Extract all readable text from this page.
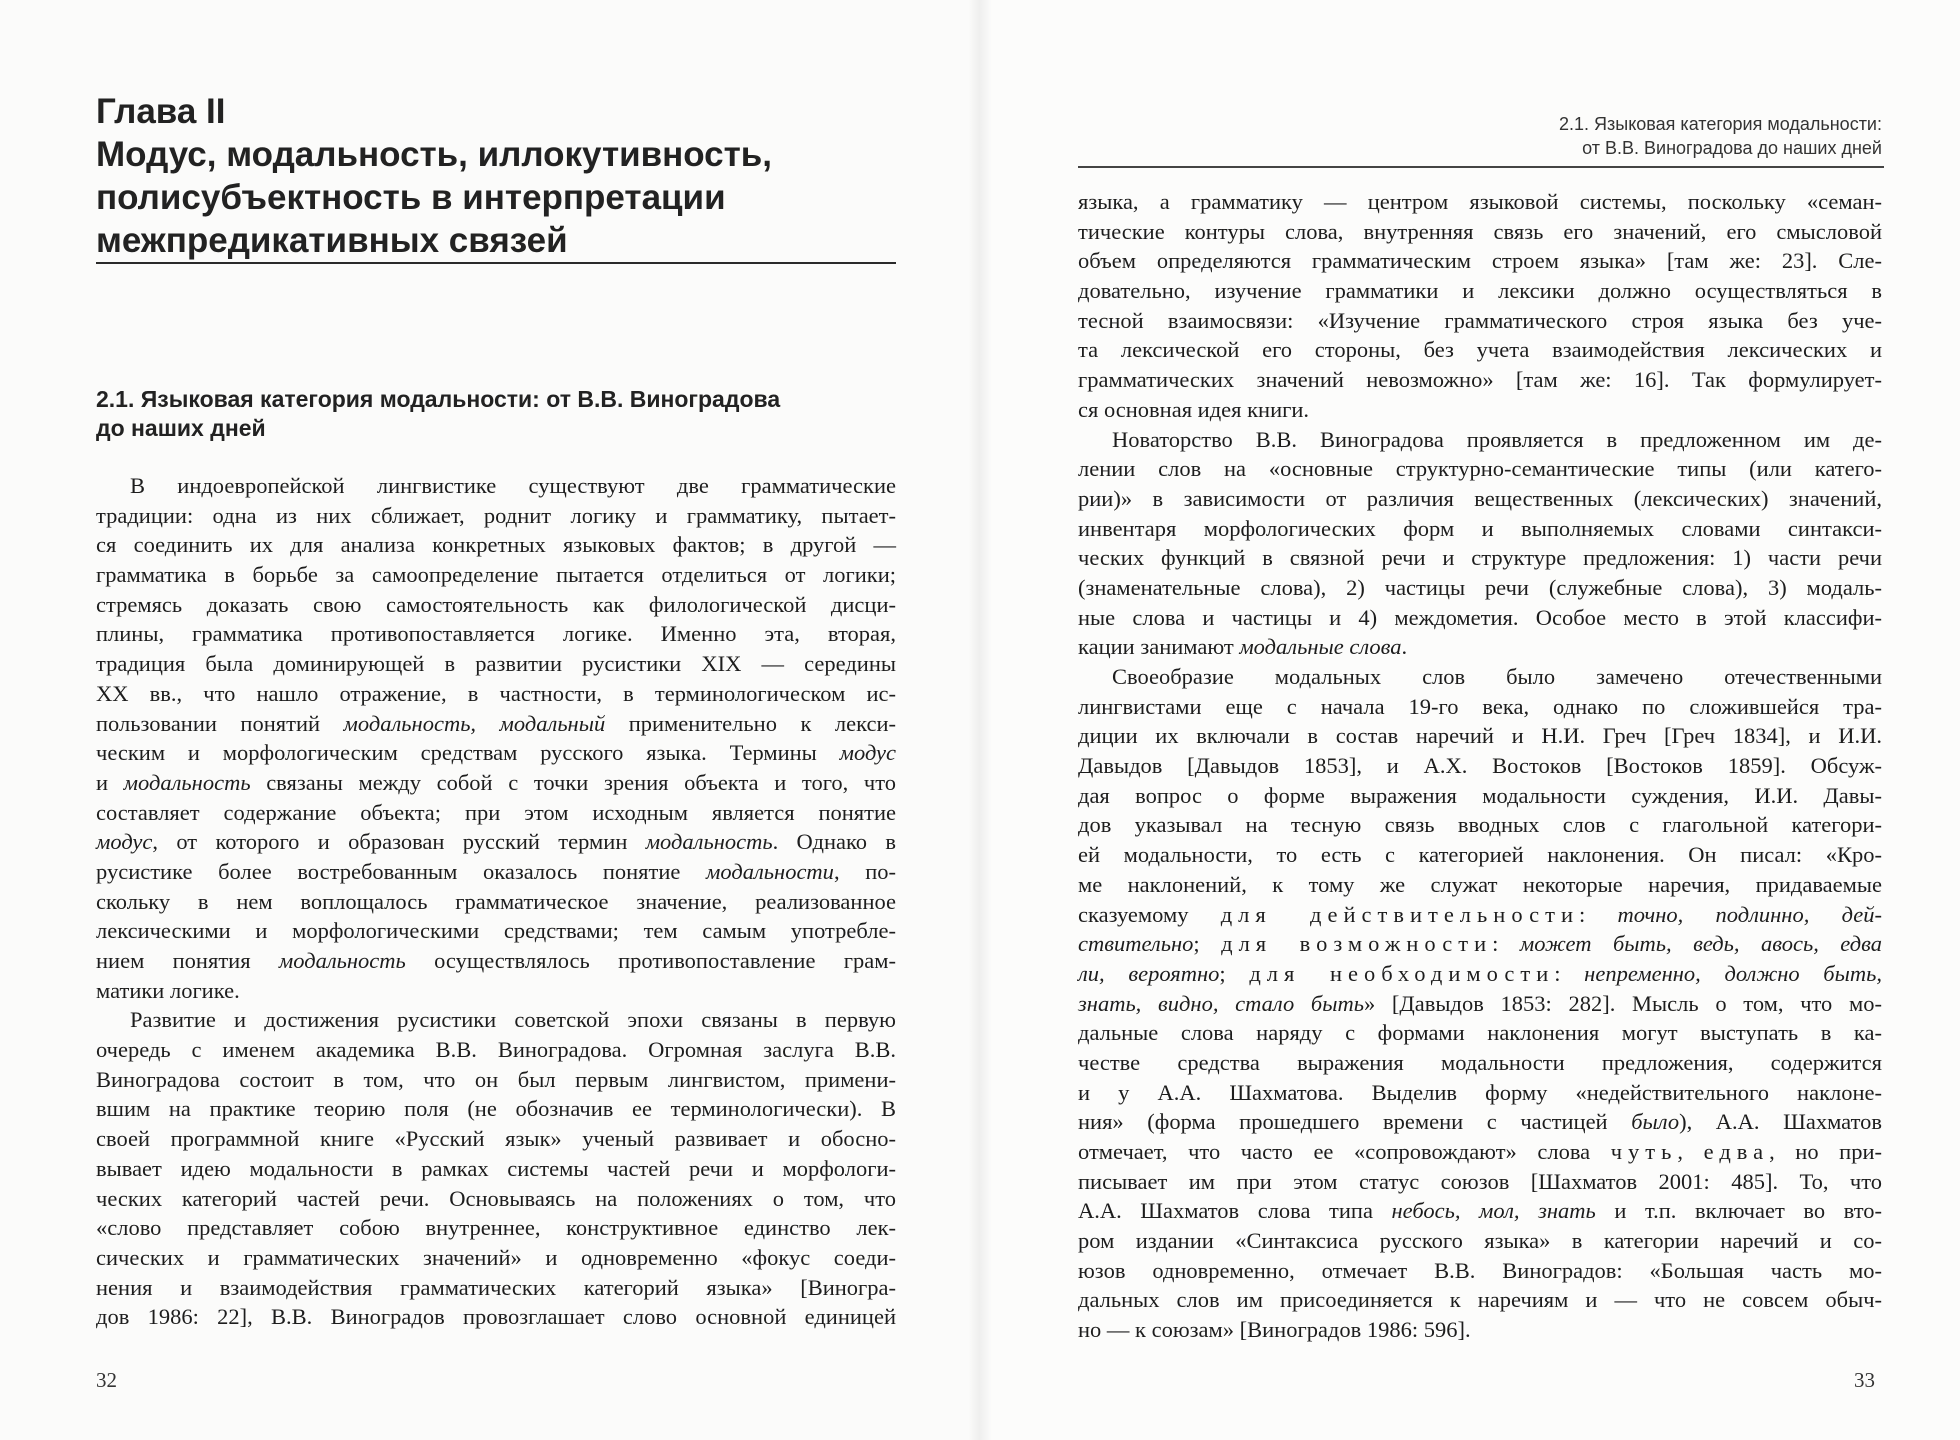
Глава II
Модус, модальность, иллокутивность,
полисубъектность в интерпретации
межпредикативных связей
2.1. Языковая категория модальности: от В.В. Виноградова
до наших дней
В индоевропейской лингвистике существуют две грамматические
традиции: одна из них сближает, роднит логику и грамматику, пытает-
ся соединить их для анализа конкретных языковых фактов; в другой —
грамматика в борьбе за самоопределение пытается отделиться от логики;
стремясь доказать свою самостоятельность как филологической дисци-
плины, грамматика противопоставляется логике. Именно эта, вторая,
традиция была доминирующей в развитии русистики XIX — середины
XX вв., что нашло отражение, в частности, в терминологическом ис-
пользовании понятий модальность, модальный применительно к лекси-
ческим и морфологическим средствам русского языка. Термины модус
и модальность связаны между собой с точки зрения объекта и того, что
составляет содержание объекта; при этом исходным является понятие
модус, от которого и образован русский термин модальность. Однако в
русистике более востребованным оказалось понятие модальности, по-
скольку в нем воплощалось грамматическое значение, реализованное
лексическими и морфологическими средствами; тем самым употребле-
нием понятия модальность осуществлялось противопоставление грам-
матики логике.
Развитие и достижения русистики советской эпохи связаны в первую
очередь с именем академика В.В. Виноградова. Огромная заслуга В.В.
Виноградова состоит в том, что он был первым лингвистом, примени-
вшим на практике теорию поля (не обозначив ее терминологически). В
своей программной книге «Русский язык» ученый развивает и обосно-
вывает идею модальности в рамках системы частей речи и морфологи-
ческих категорий частей речи. Основываясь на положениях о том, что
«слово представляет собою внутреннее, конструктивное единство лек-
сических и грамматических значений» и одновременно «фокус соеди-
нения и взаимодействия грамматических категорий языка» [Виногра-
дов 1986: 22], В.В. Виноградов провозглашает слово основной единицей
32
2.1. Языковая категория модальности:
от В.В. Виноградова до наших дней
языка, а грамматику — центром языковой системы, поскольку «семан-
тические контуры слова, внутренняя связь его значений, его смысловой
объем определяются грамматическим строем языка» [там же: 23]. Сле-
довательно, изучение грамматики и лексики должно осуществляться в
тесной взаимосвязи: «Изучение грамматического строя языка без уче-
та лексической его стороны, без учета взаимодействия лексических и
грамматических значений невозможно» [там же: 16]. Так формулирует-
ся основная идея книги.
Новаторство В.В. Виноградова проявляется в предложенном им де-
лении слов на «основные структурно-семантические типы (или катего-
рии)» в зависимости от различия вещественных (лексических) значений,
инвентаря морфологических форм и выполняемых словами синтакси-
ческих функций в связной речи и структуре предложения: 1) части речи
(знаменательные слова), 2) частицы речи (служебные слова), 3) модаль-
ные слова и частицы и 4) междометия. Особое место в этой классифи-
кации занимают модальные слова.
Своеобразие модальных слов было замечено отечественными
лингвистами еще с начала 19-го века, однако по сложившейся тра-
диции их включали в состав наречий и Н.И. Греч [Греч 1834], и И.И.
Давыдов [Давыдов 1853], и А.Х. Востоков [Востоков 1859]. Обсуж-
дая вопрос о форме выражения модальности суждения, И.И. Давы-
дов указывал на тесную связь вводных слов с глагольной категори-
ей модальности, то есть с категорией наклонения. Он писал: «Кро-
ме наклонений, к тому же служат некоторые наречия, придаваемые
сказуемому для действительности: точно, подлинно, дей-
ствительно; для возможности: может быть, ведь, авось, едва
ли, вероятно; для необходимости: непременно, должно быть,
знать, видно, стало быть» [Давыдов 1853: 282]. Мысль о том, что мо-
дальные слова наряду с формами наклонения могут выступать в ка-
честве средства выражения модальности предложения, содержится
и у А.А. Шахматова. Выделив форму «недействительного наклоне-
ния» (форма прошедшего времени с частицей было), А.А. Шахматов
отмечает, что часто ее «сопровождают» слова чуть, едва, но при-
писывает им при этом статус союзов [Шахматов 2001: 485]. То, что
А.А. Шахматов слова типа небось, мол, знать и т.п. включает во вто-
ром издании «Синтаксиса русского языка» в категории наречий и со-
юзов одновременно, отмечает В.В. Виноградов: «Большая часть мо-
дальных слов им присоединяется к наречиям и — что не совсем обыч-
но — к союзам» [Виноградов 1986: 596].
33
